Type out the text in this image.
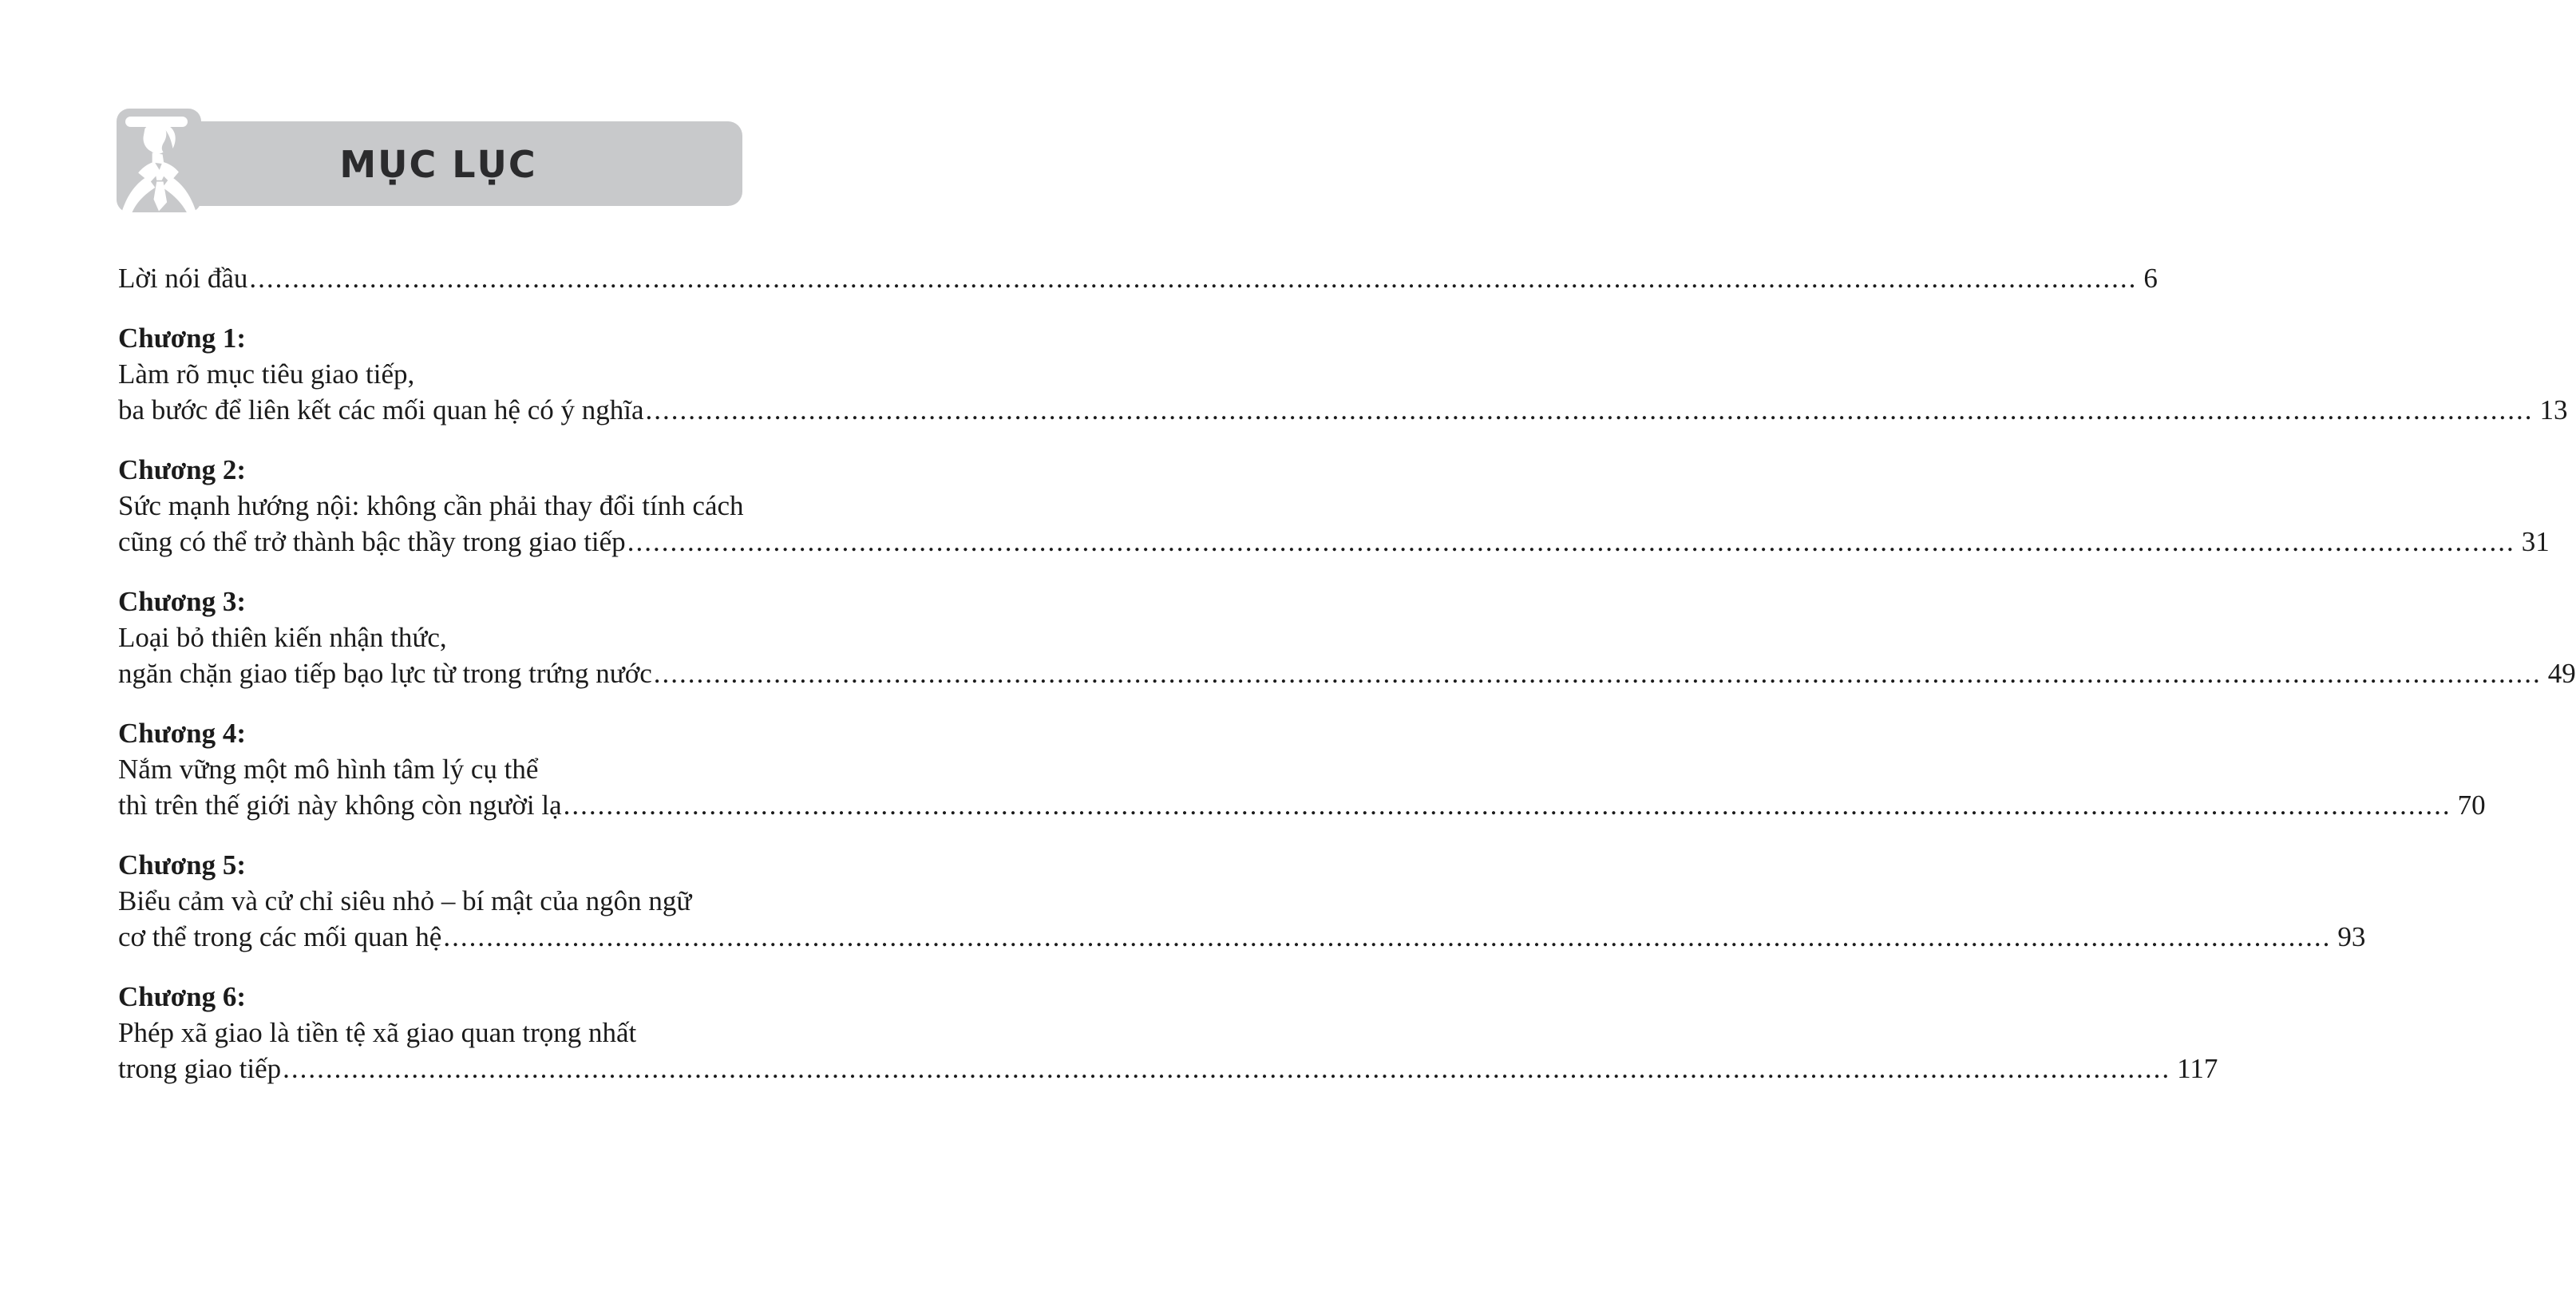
MỤC LỤC
Lời nói đầu ............................................................................................................................................................................................................................ 6
Chương 1:
Làm rõ mục tiêu giao tiếp,
ba bước để liên kết các mối quan hệ có ý nghĩa ............................................................................................................................................................................................................................ 13
Chương 2:
Sức mạnh hướng nội: không cần phải thay đổi tính cách
cũng có thể trở thành bậc thầy trong giao tiếp ............................................................................................................................................................................................................................ 31
Chương 3:
Loại bỏ thiên kiến nhận thức,
ngăn chặn giao tiếp bạo lực từ trong trứng nước ............................................................................................................................................................................................................................ 49
Chương 4:
Nắm vững một mô hình tâm lý cụ thể
thì trên thế giới này không còn người lạ ............................................................................................................................................................................................................................ 70
Chương 5:
Biểu cảm và cử chỉ siêu nhỏ – bí mật của ngôn ngữ
cơ thể trong các mối quan hệ ............................................................................................................................................................................................................................ 93
Chương 6:
Phép xã giao là tiền tệ xã giao quan trọng nhất
trong giao tiếp ............................................................................................................................................................................................................................ 117
